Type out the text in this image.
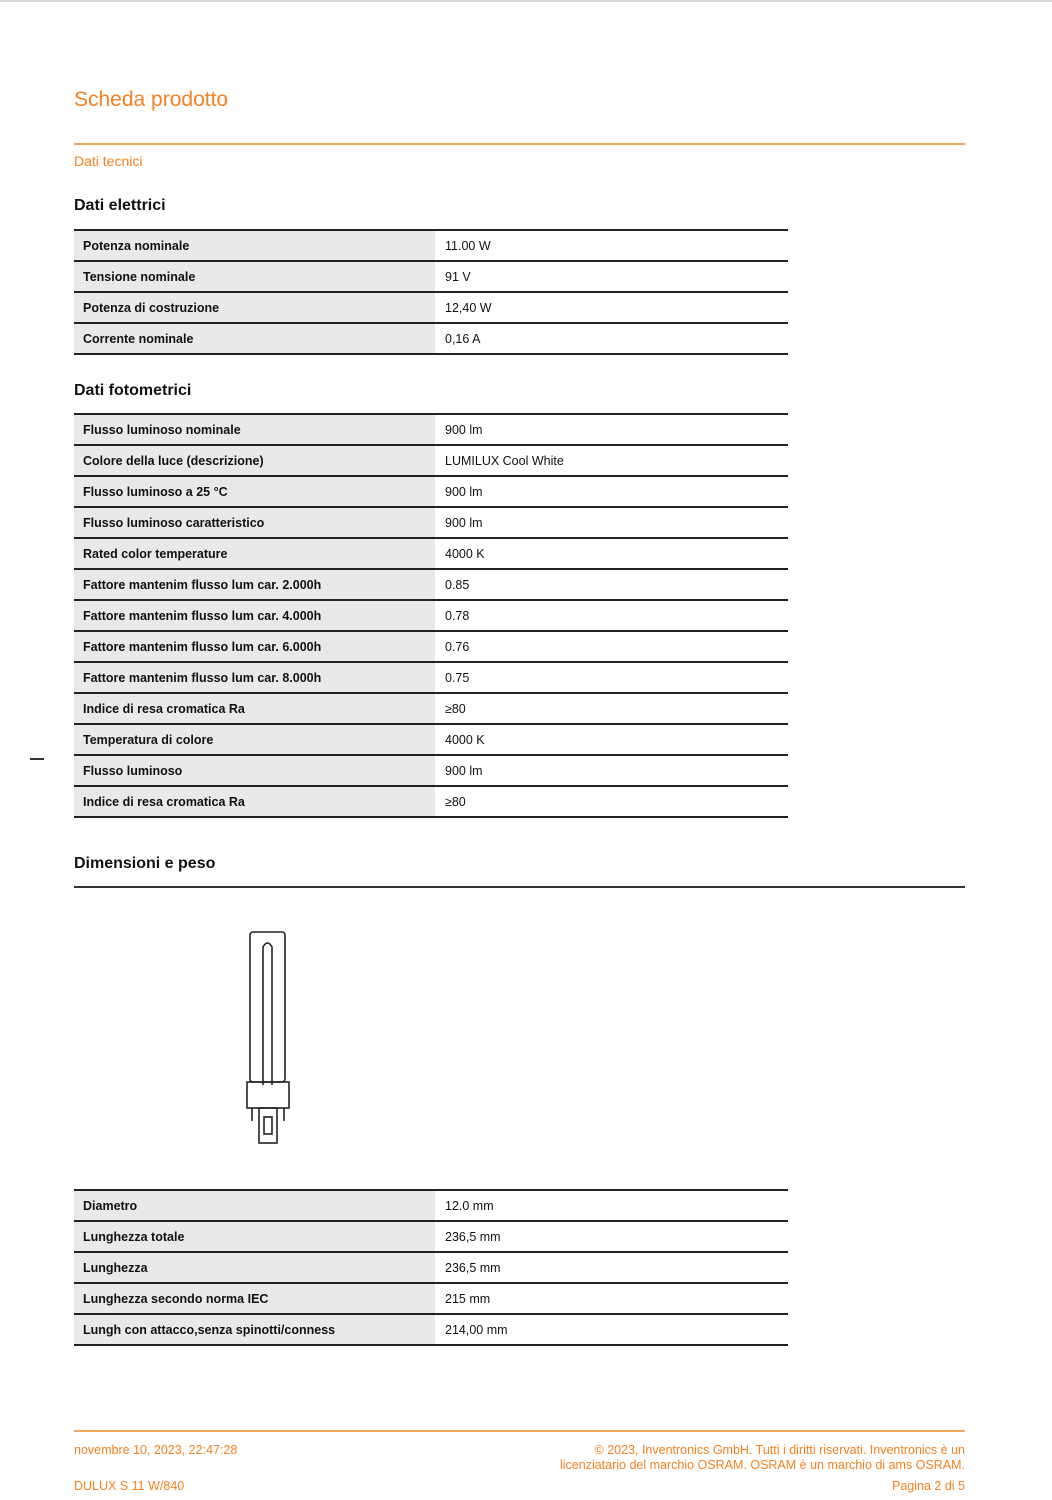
Scheda prodotto
Dati tecnici
Dati elettrici
Potenza nominale	11.00 W
Tensione nominale	91 V
Potenza di costruzione	12,40 W
Corrente nominale	0,16 A
Dati fotometrici
Flusso luminoso nominale	900 lm
Colore della luce (descrizione)	LUMILUX Cool White
Flusso luminoso a 25 °C	900 lm
Flusso luminoso caratteristico	900 lm
Rated color temperature	4000 K
Fattore mantenim flusso lum car. 2.000h	0.85
Fattore mantenim flusso lum car. 4.000h	0.78
Fattore mantenim flusso lum car. 6.000h	0.76
Fattore mantenim flusso lum car. 8.000h	0.75
Indice di resa cromatica Ra	≥80
Temperatura di colore	4000 K
Flusso luminoso	900 lm
Indice di resa cromatica Ra	≥80
Dimensioni e peso
Diametro	12.0 mm
Lunghezza totale	236,5 mm
Lunghezza	236,5 mm
Lunghezza secondo norma IEC	215 mm
Lungh con attacco,senza spinotti/conness	214,00 mm
novembre 10, 2023, 22:47:28
DULUX S 11 W/840
© 2023, Inventronics GmbH. Tutti i diritti riservati. Inventronics è un
licenziatario del marchio OSRAM. OSRAM è un marchio di ams OSRAM.
Pagina 2 di 5
